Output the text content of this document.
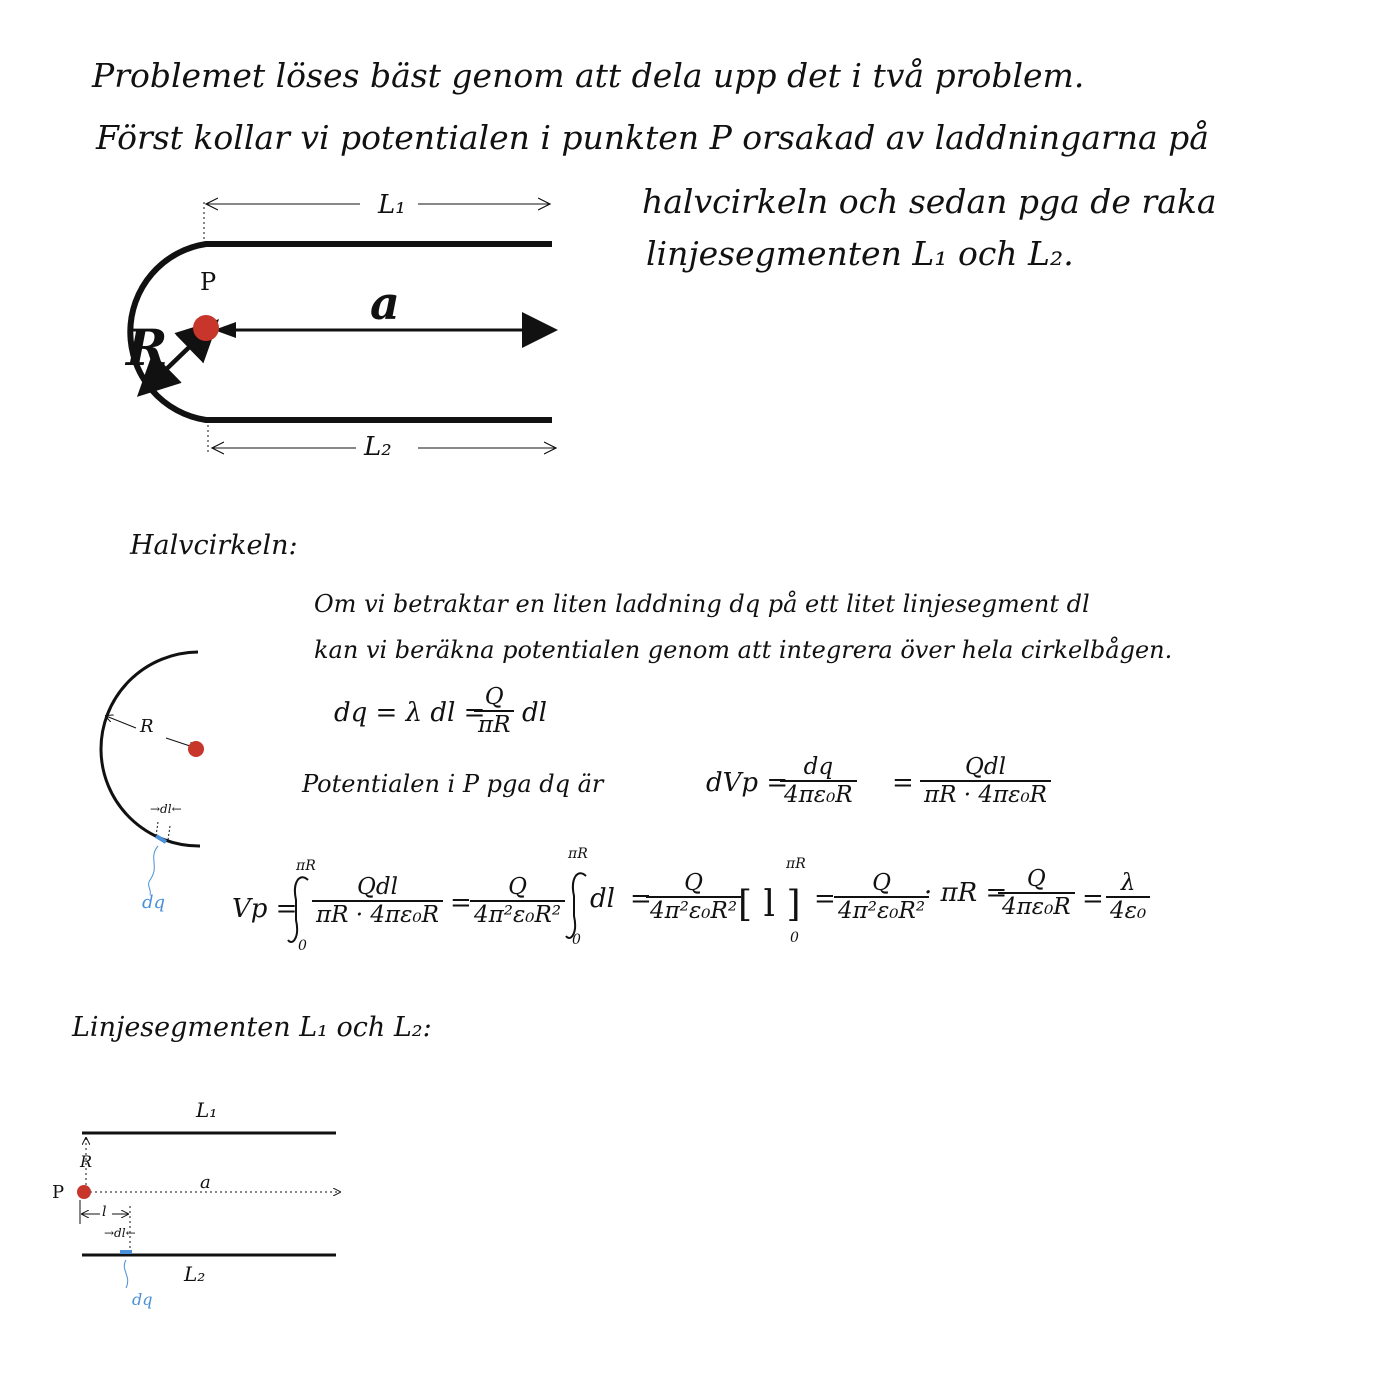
Problemet löses bäst genom att dela upp det i två problem.
Först kollar vi potentialen i punkten P orsakad av laddningarna på
halvcirkeln och sedan pga de raka
linjesegmenten L₁ och L₂.
L₁
L₂
P	a
R
Halvcirkeln:
Om vi betraktar en liten laddning dq på ett litet linjesegment dl
kan vi beräkna potentialen genom att integrera över hela cirkelbågen.
R
→dl←
dq
dq = λ dl =
$\frac{Q}{\pi R}$ dl
Potentialen i P pga dq är	dVp =
$\frac{dq}{\text{4πε₀R}}$ =
Qdl
πR · 4πε₀R
Vp =
πR
0
Qdl
πR · 4πε₀R =
$\frac{Q}{\text{4π²ε₀R²}}$
πR
0
dl =
$\frac{Q}{\text{4π²ε₀R²}}$
[ l ]
πR
0
=
$\frac{Q}{\text{4π²ε₀R²}}$
· πR =
$\frac{Q}{\text{4πε₀R}} = \frac{\lambda}{\text{4ε₀}}$
Linjesegmenten L₁ och L₂:
L₁
L₂
R
P	a
l
→dl←
dq
